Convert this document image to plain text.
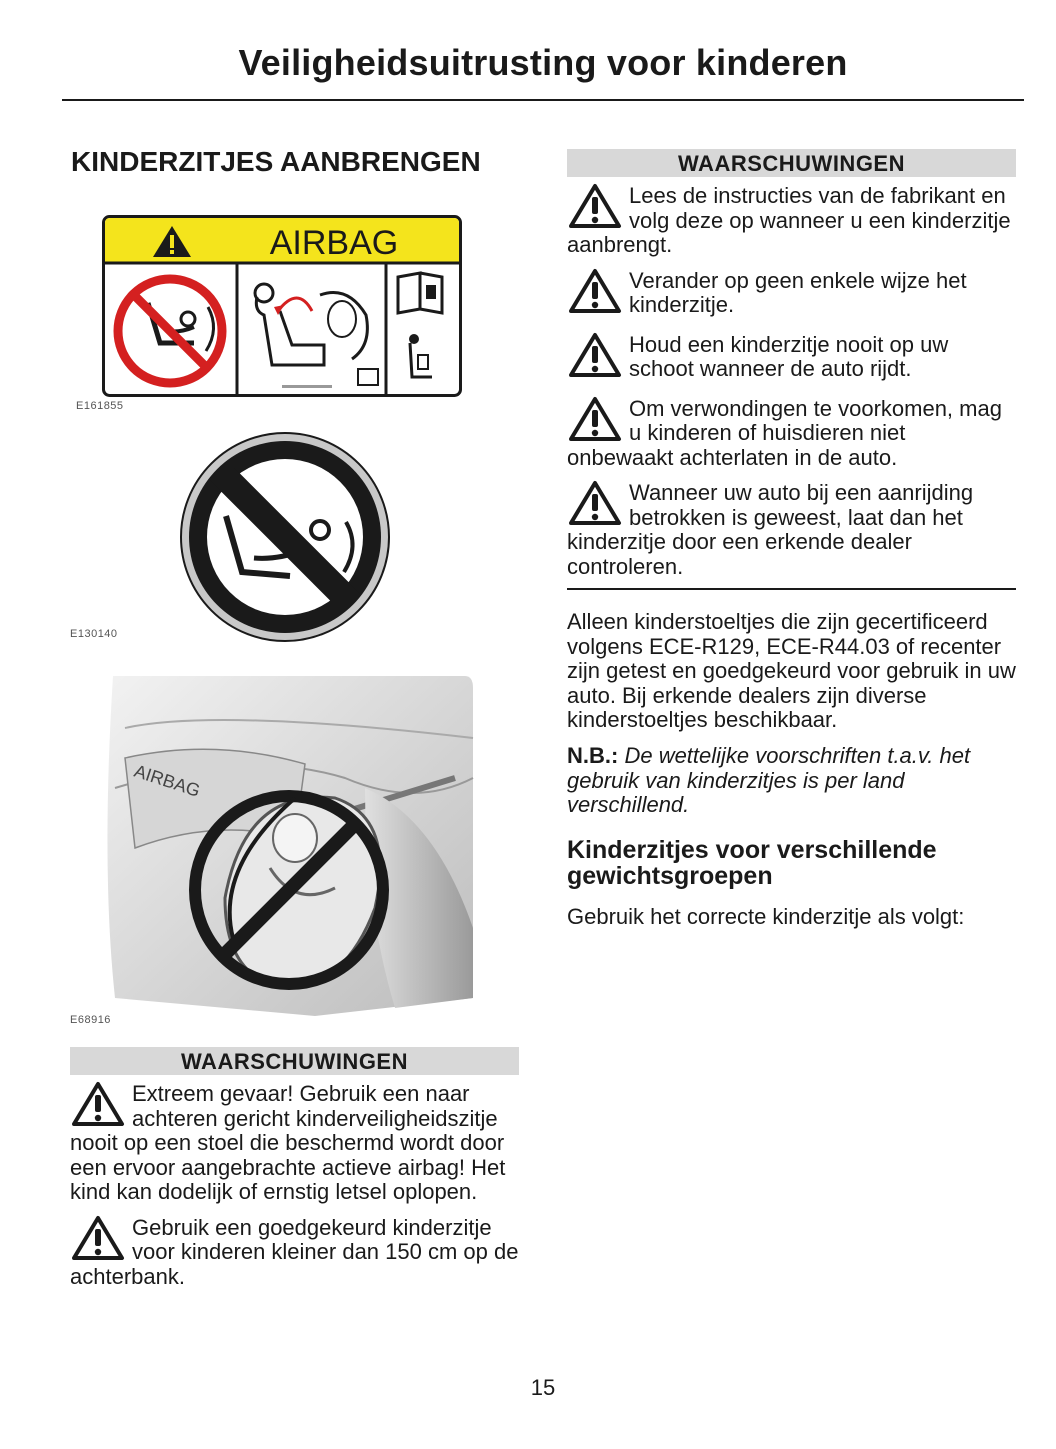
Veiligheidsuitrusting voor kinderen
KINDERZITJES AANBRENGEN
AIRBAG
E161855
E130140
AIRBAG
E68916
WAARSCHUWINGEN

Extreem gevaar! Gebruik een naar achteren gericht kinderveiligheidszitje nooit op een stoel die beschermd wordt door een ervoor aangebrachte actieve airbag! Het kind kan dodelijk of ernstig letsel oplopen.

Gebruik een goedgekeurd kinderzitje voor kinderen kleiner dan 150 cm op de achterbank.

WAARSCHUWINGEN

Lees de instructies van de fabrikant en volg deze op wanneer u een kinderzitje aanbrengt.

Verander op geen enkele wijze het kinderzitje.

Houd een kinderzitje nooit op uw schoot wanneer de auto rijdt.

Om verwondingen te voorkomen, mag u kinderen of huisdieren niet onbewaakt achterlaten in de auto.

Wanneer uw auto bij een aanrijding betrokken is geweest, laat dan het kinderzitje door een erkende dealer controleren.

Alleen kinderstoeltjes die zijn gecertificeerd volgens ECE-R129, ECE-R44.03 of recenter zijn getest en goedgekeurd voor gebruik in uw auto. Bij erkende dealers zijn diverse kinderstoeltjes beschikbaar.

N.B.: De wettelijke voorschriften t.a.v. het gebruik van kinderzitjes is per land verschillend.

Kinderzitjes voor verschillende gewichtsgroepen

Gebruik het correcte kinderzitje als volgt:

15
